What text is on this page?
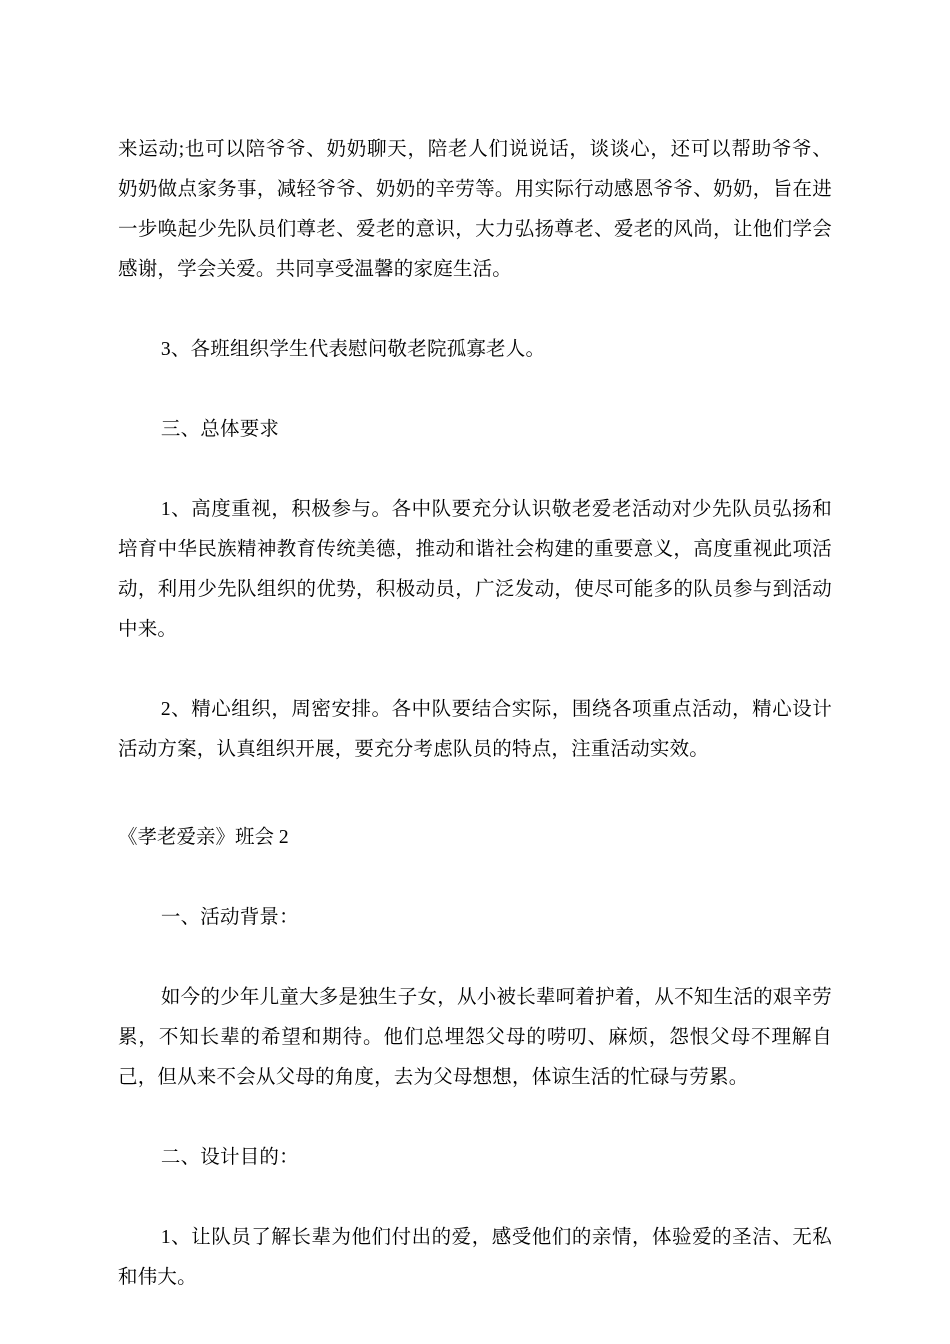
来运动;也可以陪爷爷、奶奶聊天，陪老人们说说话，谈谈心，还可以帮助爷爷、奶奶做点家务事，减轻爷爷、奶奶的辛劳等。用实际行动感恩爷爷、奶奶，旨在进一步唤起少先队员们尊老、爱老的意识，大力弘扬尊老、爱老的风尚，让他们学会感谢，学会关爱。共同享受温馨的家庭生活。

3、各班组织学生代表慰问敬老院孤寡老人。

三、总体要求

1、高度重视，积极参与。各中队要充分认识敬老爱老活动对少先队员弘扬和培育中华民族精神教育传统美德，推动和谐社会构建的重要意义，高度重视此项活动，利用少先队组织的优势，积极动员，广泛发动，使尽可能多的队员参与到活动中来。

2、精心组织，周密安排。各中队要结合实际，围绕各项重点活动，精心设计活动方案，认真组织开展，要充分考虑队员的特点，注重活动实效。

《孝老爱亲》班会 2

一、活动背景：

如今的少年儿童大多是独生子女，从小被长辈呵着护着，从不知生活的艰辛劳累，不知长辈的希望和期待。他们总埋怨父母的唠叨、麻烦，怨恨父母不理解自己，但从来不会从父母的角度，去为父母想想，体谅生活的忙碌与劳累。

二、设计目的：

1、让队员了解长辈为他们付出的爱，感受他们的亲情，体验爱的圣洁、无私和伟大。
